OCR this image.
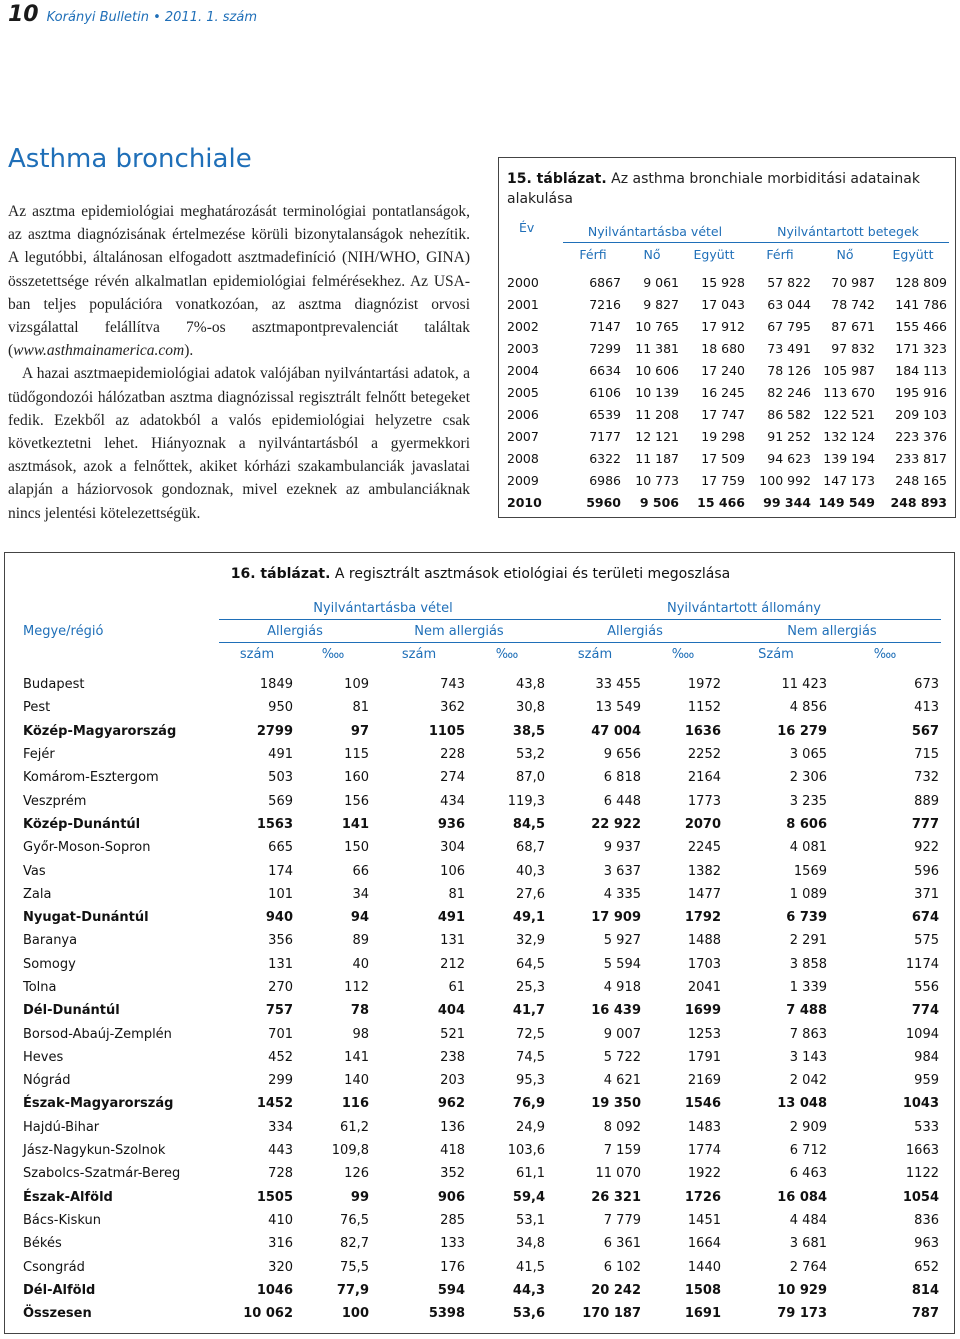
10 Korányi Bulletin • 2011. 1. szám
Asthma bronchiale

Az asztma epidemiológiai meghatározását terminológiai pontatlanságok, az asztma diagnózisának értelmezése körüli bizonytalanságok nehezítik. A legutóbbi, általánosan elfogadott asztmadefiníció (NIH/WHO, GINA) összetettsége révén alkalmatlan epidemiológiai felmérésekhez. Az USA-ban teljes populációra vonatkozóan, az asztma diagnózist orvosi vizsgálattal felállítva 7%-os asztmapontprevalenciát találtak (www.asthmainamerica.com).

A hazai asztmaepidemiológiai adatok valójában nyilvántartási adatok, a tüdőgondozói hálózatban asztma diagnózissal regisztrált felnőtt betegeket fedik. Ezekből az adatokból a valós epidemiológiai helyzetre csak következtetni lehet. Hiányoznak a nyilvántartásból a gyermekkori asztmások, azok a felnőttek, akiket kórházi szakambulanciák javaslatai alapján a háziorvosok gondoznak, mivel ezeknek az ambulanciáknak nincs jelentési kötelezettségük.

15. táblázat. Az asthma bronchiale morbiditási adatainak alakulása
Év	Nyilvántartásba vétel			Nyilvántartott betegek		
	Férfi	Nő	Együtt	Férfi	Nő	Együtt

2000	6867	9 061	15 928	57 822	70 987	128 809
2001	7216	9 827	17 043	63 044	78 742	141 786
2002	7147	10 765	17 912	67 795	87 671	155 466
2003	7299	11 381	18 680	73 491	97 832	171 323
2004	6634	10 606	17 240	78 126	105 987	184 113
2005	6106	10 139	16 245	82 246	113 670	195 916
2006	6539	11 208	17 747	86 582	122 521	209 103
2007	7177	12 121	19 298	91 252	132 124	223 376
2008	6322	11 187	17 509	94 623	139 194	233 817
2009	6986	10 773	17 759	100 992	147 173	248 165
2010	5960	9 506	15 466	99 344	149 549	248 893
16. táblázat. A regisztrált asztmások etiológiai és területi megoszlása
Megye/régió	Nyilvántartásba vétel				Nyilvántartott állomány			
	Allergiás		Nem allergiás		Allergiás		Nem allergiás	
	szám	‱	szám	‱	szám	‱	Szám	‱

Budapest	1849	109	743	43,8	33 455	1972	11 423	673
Pest	950	81	362	30,8	13 549	1152	4 856	413
Közép-Magyarország	2799	97	1105	38,5	47 004	1636	16 279	567
Fejér	491	115	228	53,2	9 656	2252	3 065	715
Komárom-Esztergom	503	160	274	87,0	6 818	2164	2 306	732
Veszprém	569	156	434	119,3	6 448	1773	3 235	889
Közép-Dunántúl	1563	141	936	84,5	22 922	2070	8 606	777
Győr-Moson-Sopron	665	150	304	68,7	9 937	2245	4 081	922
Vas	174	66	106	40,3	3 637	1382	1569	596
Zala	101	34	81	27,6	4 335	1477	1 089	371
Nyugat-Dunántúl	940	94	491	49,1	17 909	1792	6 739	674
Baranya	356	89	131	32,9	5 927	1488	2 291	575
Somogy	131	40	212	64,5	5 594	1703	3 858	1174
Tolna	270	112	61	25,3	4 918	2041	1 339	556
Dél-Dunántúl	757	78	404	41,7	16 439	1699	7 488	774
Borsod-Abaúj-Zemplén	701	98	521	72,5	9 007	1253	7 863	1094
Heves	452	141	238	74,5	5 722	1791	3 143	984
Nógrád	299	140	203	95,3	4 621	2169	2 042	959
Észak-Magyarország	1452	116	962	76,9	19 350	1546	13 048	1043
Hajdú-Bihar	334	61,2	136	24,9	8 092	1483	2 909	533
Jász-Nagykun-Szolnok	443	109,8	418	103,6	7 159	1774	6 712	1663
Szabolcs-Szatmár-Bereg	728	126	352	61,1	11 070	1922	6 463	1122
Észak-Alföld	1505	99	906	59,4	26 321	1726	16 084	1054
Bács-Kiskun	410	76,5	285	53,1	7 779	1451	4 484	836
Békés	316	82,7	133	34,8	6 361	1664	3 681	963
Csongrád	320	75,5	176	41,5	6 102	1440	2 764	652
Dél-Alföld	1046	77,9	594	44,3	20 242	1508	10 929	814
Összesen	10 062	100	5398	53,6	170 187	1691	79 173	787
